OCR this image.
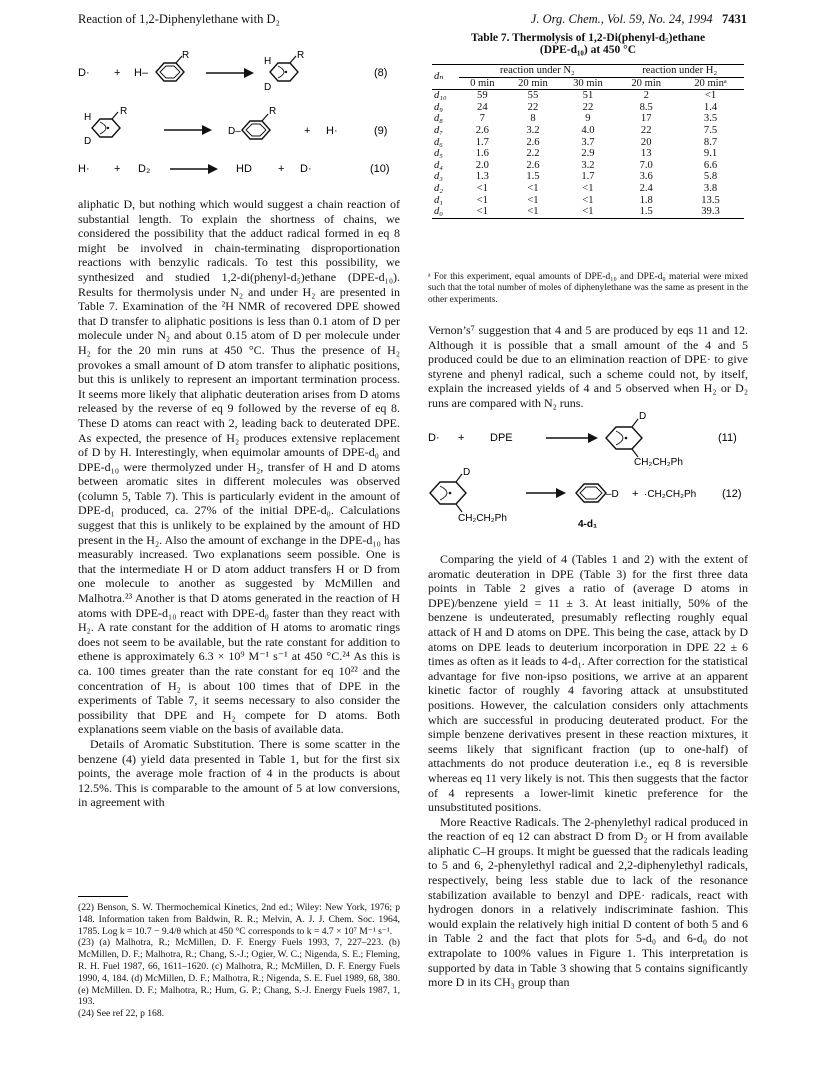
Reaction of 1,2-Diphenylethane with D₂	J. Org. Chem., Vol. 59, No. 24, 1994 7431
D· + H–
R
H
D
R
(8)
H
D
R
D–
R
+ H·	(9)
H· + D₂	HD + D·	(10)

aliphatic D, but nothing which would suggest a chain reaction of substantial length. To explain the shortness of chains, we considered the possibility that the adduct radical formed in eq 8 might be involved in chain-terminating disproportionation reactions with benzylic radicals. To test this possibility, we synthesized and studied 1,2-di(phenyl-d₅)ethane (DPE-d₁₀). Results for thermolysis under N₂ and under H₂ are presented in Table 7. Examination of the ²H NMR of recovered DPE showed that D transfer to aliphatic positions is less than 0.1 atom of D per molecule under N₂ and about 0.15 atom of D per molecule under H₂ for the 20 min runs at 450 °C. Thus the presence of H₂ provokes a small amount of D atom transfer to aliphatic positions, but this is unlikely to represent an important termination process. It seems more likely that aliphatic deuteration arises from D atoms released by the reverse of eq 9 followed by the reverse of eq 8. These D atoms can react with 2, leading back to deuterated DPE. As expected, the presence of H₂ produces extensive replacement of D by H. Interestingly, when equimolar amounts of DPE-d₀ and DPE-d₁₀ were thermolyzed under H₂, transfer of H and D atoms between aromatic sites in different molecules was observed (column 5, Table 7). This is particularly evident in the amount of DPE-d₁ produced, ca. 27% of the initial DPE-d₀. Calculations suggest that this is unlikely to be explained by the amount of HD present in the H₂. Also the amount of exchange in the DPE-d₁₀ has measurably increased. Two explanations seem possible. One is that the intermediate H or D atom adduct transfers H or D from one molecule to another as suggested by McMillen and Malhotra.²³ Another is that D atoms generated in the reaction of H atoms with DPE-d₁₀ react with DPE-d₀ faster than they react with H₂. A rate constant for the addition of H atoms to aromatic rings does not seem to be available, but the rate constant for addition to ethene is approximately 6.3 × 10⁹ M⁻¹ s⁻¹ at 450 °C.²⁴ As this is ca. 100 times greater than the rate constant for eq 10²² and the concentration of H₂ is about 100 times that of DPE in the experiments of Table 7, it seems necessary to also consider the possibility that DPE and H₂ compete for D atoms. Both explanations seem viable on the basis of available data.

Details of Aromatic Substitution. There is some scatter in the benzene (4) yield data presented in Table 1, but for the first six points, the average mole fraction of 4 in the products is about 12.5%. This is comparable to the amount of 5 at low conversions, in agreement with

(22) Benson, S. W. Thermochemical Kinetics, 2nd ed.; Wiley: New York, 1976; p 148. Information taken from Baldwin, R. R.; Melvin, A. J. J. Chem. Soc. 1964, 1785. Log k = 10.7 − 9.4/θ which at 450 °C corresponds to k = 4.7 × 10⁷ M⁻¹ s⁻¹.

(23) (a) Malhotra, R.; McMillen, D. F. Energy Fuels 1993, 7, 227–223. (b) McMillen, D. F.; Malhotra, R.; Chang, S.-J.; Ogier, W. C.; Nigenda, S. E.; Fleming, R. H. Fuel 1987, 66, 1611–1620. (c) Malhotra, R.; McMillen, D. F. Energy Fuels 1990, 4, 184. (d) McMillen, D. F.; Malhotra, R.; Nigenda, S. E. Fuel 1989, 68, 380. (e) McMillen. D. F.; Malhotra, R.; Hum, G. P.; Chang, S.-J. Energy Fuels 1987, 1, 193.

(24) See ref 22, p 168.

Table 7. Thermolysis of 1,2-Di(phenyl-d₅)ethane
(DPE-d₁₀) at 450 °C
dₙ	reaction under N₂			reaction under H₂	
	0 min	20 min	30 min	20 min	20 minᵃ
d₁₀	59	55	51	2	<1
d₉	24	22	22	8.5	1.4
d₈	7	8	9	17	3.5
d₇	2.6	3.2	4.0	22	7.5
d₆	1.7	2.6	3.7	20	8.7
d₅	1.6	2.2	2.9	13	9.1
d₄	2.0	2.6	3.2	7.0	6.6
d₃	1.3	1.5	1.7	3.6	5.8
d₂	<1	<1	<1	2.4	3.8
d₁	<1	<1	<1	1.8	13.5
d₀	<1	<1	<1	1.5	39.3
ᵃ For this experiment, equal amounts of DPE-d₁₀ and DPE-d₀ material were mixed such that the total number of moles of diphenylethane was the same as present in the other experiments.

Vernon’s⁷ suggestion that 4 and 5 are produced by eqs 11 and 12. Although it is possible that a small amount of the 4 and 5 produced could be due to an elimination reaction of DPE· to give styrene and phenyl radical, such a scheme could not, by itself, explain the increased yields of 4 and 5 observed when H₂ or D₂ runs are compared with N₂ runs.

D· + DPE
D
CH₂CH₂Ph
(11)
D
CH₂CH₂Ph
–D
4-d₁
+ ·CH₂CH₂Ph (12)

Comparing the yield of 4 (Tables 1 and 2) with the extent of aromatic deuteration in DPE (Table 3) for the first three data points in Table 2 gives a ratio of (average D atoms in DPE)/benzene yield = 11 ± 3. At least initially, 50% of the benzene is undeuterated, presumably reflecting roughly equal attack of H and D atoms on DPE. This being the case, attack by D atoms on DPE leads to deuterium incorporation in DPE 22 ± 6 times as often as it leads to 4-d₁. After correction for the statistical advantage for five non-ipso positions, we arrive at an apparent kinetic factor of roughly 4 favoring attack at unsubstituted positions. However, the calculation considers only attachments which are successful in producing deuterated product. For the simple benzene derivatives present in these reaction mixtures, it seems likely that significant fraction (up to one-half) of attachments do not produce deuteration i.e., eq 8 is reversible whereas eq 11 very likely is not. This then suggests that the factor of 4 represents a lower-limit kinetic preference for the unsubstituted positions.

More Reactive Radicals. The 2-phenylethyl radical produced in the reaction of eq 12 can abstract D from D₂ or H from available aliphatic C–H groups. It might be guessed that the radicals leading to 5 and 6, 2-phenylethyl radical and 2,2-diphenylethyl radicals, respectively, being less stable due to lack of the resonance stabilization available to benzyl and DPE· radicals, react with hydrogen donors in a relatively indiscriminate fashion. This would explain the relatively high initial D content of both 5 and 6 in Table 2 and the fact that plots for 5-d₀ and 6-d₀ do not extrapolate to 100% values in Figure 1. This interpretation is supported by data in Table 3 showing that 5 contains significantly more D in its CH₃ group than
